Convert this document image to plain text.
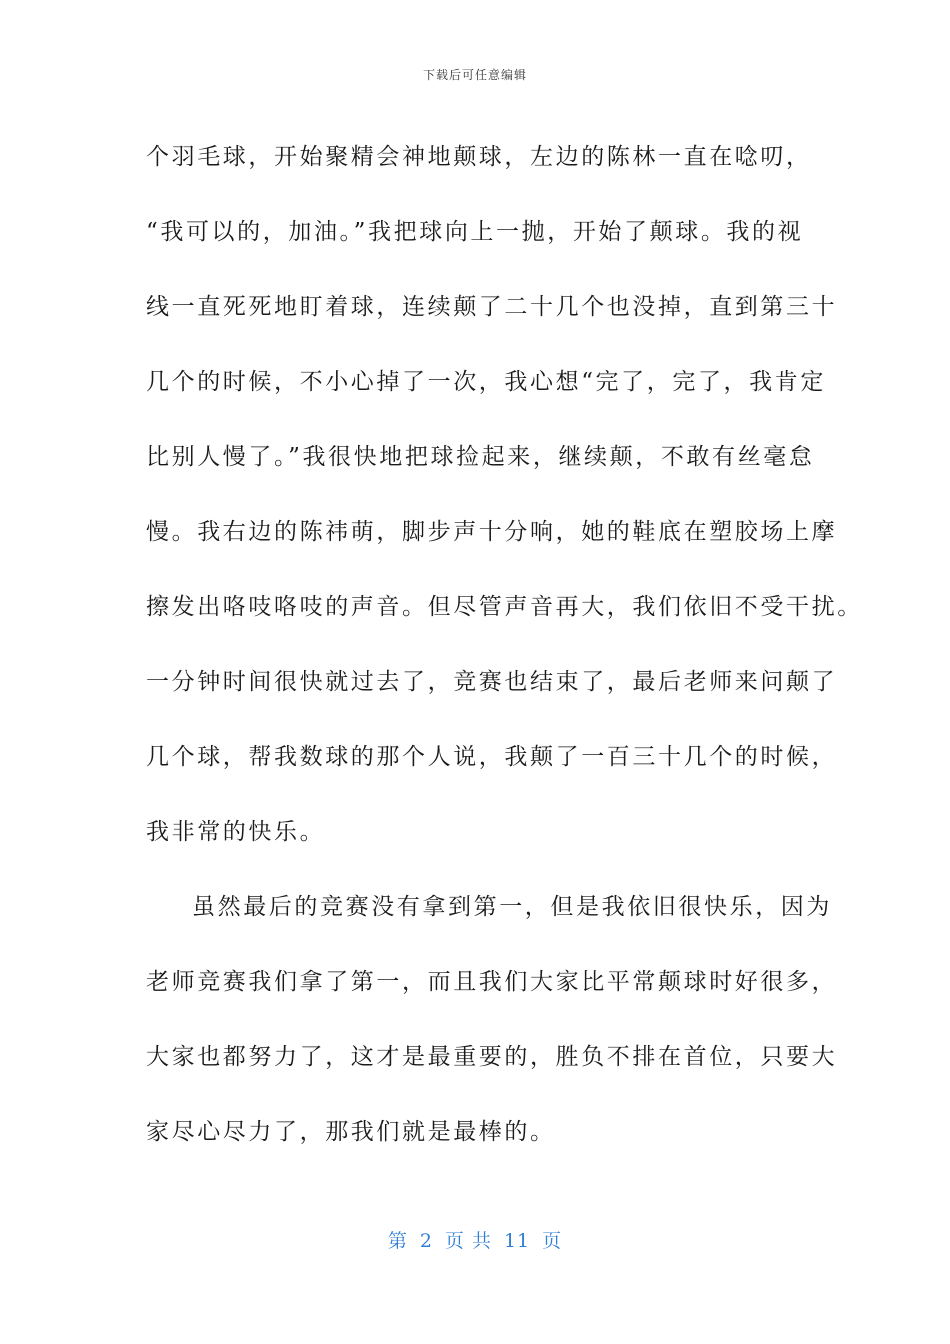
下载后可任意编辑
个羽毛球，开始聚精会神地颠球，左边的陈林一直在唸叨，
“我可以的，加油。”我把球向上一抛，开始了颠球。我的视
线一直死死地盯着球，连续颠了二十几个也没掉，直到第三十
几个的时候，不小心掉了一次，我心想“完了，完了，我肯定
比别人慢了。”我很快地把球捡起来，继续颠，不敢有丝毫怠
慢。我右边的陈祎萌，脚步声十分响，她的鞋底在塑胶场上摩
擦发出咯吱咯吱的声音。但尽管声音再大，我们依旧不受干扰。
一分钟时间很快就过去了，竞赛也结束了，最后老师来问颠了
几个球，帮我数球的那个人说，我颠了一百三十几个的时候，
我非常的快乐。
虽然最后的竞赛没有拿到第一，但是我依旧很快乐，因为
老师竞赛我们拿了第一，而且我们大家比平常颠球时好很多，
大家也都努力了，这才是最重要的，胜负不排在首位，只要大
家尽心尽力了，那我们就是最棒的。
第 2 页 共 11 页
